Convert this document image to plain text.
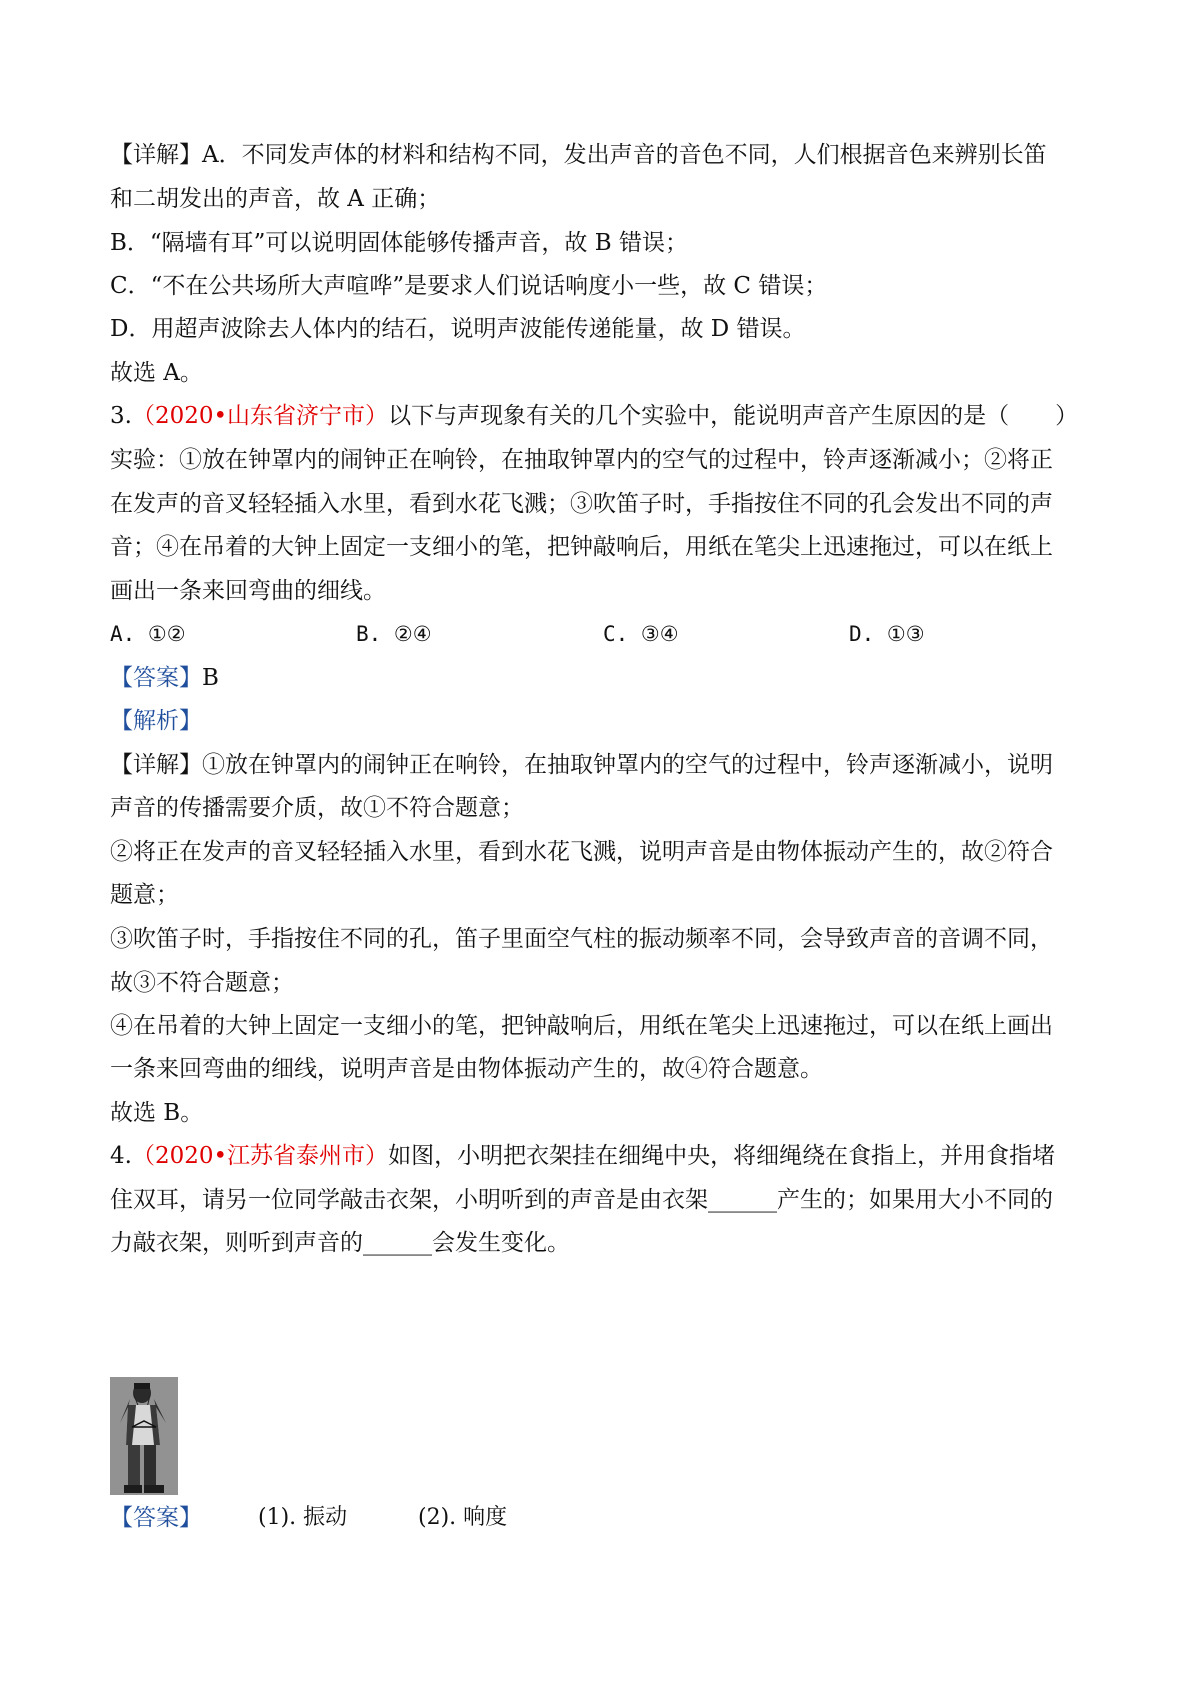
【详解】A．不同发声体的材料和结构不同，发出声音的音色不同，人们根据音色来辨别长笛
和二胡发出的声音，故 A 正确；
B．“隔墙有耳”可以说明固体能够传播声音，故 B 错误；
C．“不在公共场所大声喧哗”是要求人们说话响度小一些，故 C 错误；
D．用超声波除去人体内的结石，说明声波能传递能量，故 D 错误。
故选 A。
3.（2020•山东省济宁市）以下与声现象有关的几个实验中，能说明声音产生原因的是（　　）
实验：①放在钟罩内的闹钟正在响铃，在抽取钟罩内的空气的过程中，铃声逐渐减小；②将正
在发声的音叉轻轻插入水里，看到水花飞溅；③吹笛子时，手指按住不同的孔会发出不同的声
音；④在吊着的大钟上固定一支细小的笔，把钟敲响后，用纸在笔尖上迅速拖过，可以在纸上
画出一条来回弯曲的细线。
A. ①②	B. ②④	C. ③④	D. ①③
【答案】B
【解析】
【详解】①放在钟罩内的闹钟正在响铃，在抽取钟罩内的空气的过程中，铃声逐渐减小，说明
声音的传播需要介质，故①不符合题意；
②将正在发声的音叉轻轻插入水里，看到水花飞溅，说明声音是由物体振动产生的，故②符合
题意；
③吹笛子时，手指按住不同的孔，笛子里面空气柱的振动频率不同，会导致声音的音调不同，
故③不符合题意；
④在吊着的大钟上固定一支细小的笔，把钟敲响后，用纸在笔尖上迅速拖过，可以在纸上画出
一条来回弯曲的细线，说明声音是由物体振动产生的，故④符合题意。
故选 B。
4.（2020•江苏省泰州市）如图，小明把衣架挂在细绳中央，将细绳绕在食指上，并用食指堵
住双耳，请另一位同学敲击衣架，小明听到的声音是由衣架______产生的；如果用大小不同的
力敲衣架，则听到声音的______会发生变化。
【答案】	(1). 振动	(2). 响度
